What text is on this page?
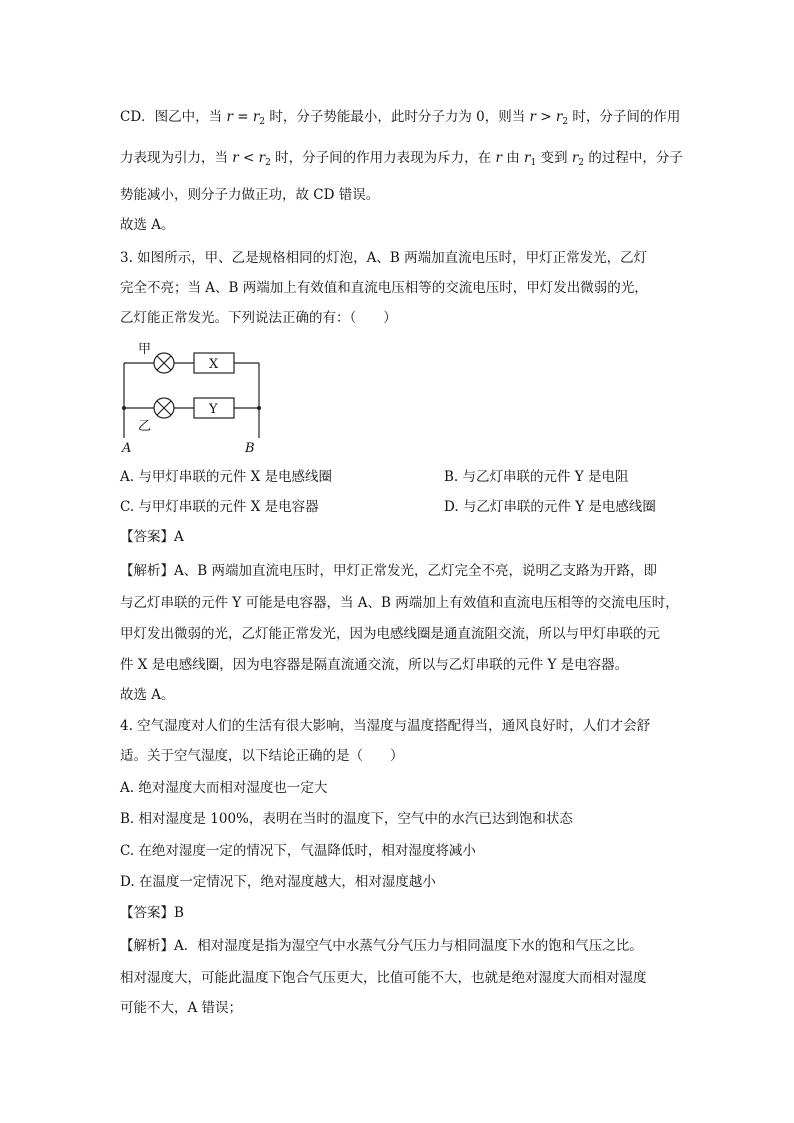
CD．图乙中，当 $r = r_2$ 时，分子势能最小，此时分子力为 0，则当 $r > r_2$ 时，分子间的作用
力表现为引力，当 $r < r_2$ 时，分子间的作用力表现为斥力，在 r 由 $r_1$ 变到 $r_2$ 的过程中，分子
势能减小，则分子力做正功，故 CD 错误。
故选 A。
3. 如图所示，甲、乙是规格相同的灯泡，A、B 两端加直流电压时，甲灯正常发光，乙灯
完全不亮；当 A、B 两端加上有效值和直流电压相等的交流电压时，甲灯发出微弱的光，
乙灯能正常发光。下列说法正确的有：（　　）
甲
乙
X
Y
A	B
A. 与甲灯串联的元件 X 是电感线圈	B. 与乙灯串联的元件 Y 是电阻
C. 与甲灯串联的元件 X 是电容器	D. 与乙灯串联的元件 Y 是电感线圈
【答案】A
【解析】A、B 两端加直流电压时，甲灯正常发光，乙灯完全不亮，说明乙支路为开路，即
与乙灯串联的元件 Y 可能是电容器，当 A、B 两端加上有效值和直流电压相等的交流电压时，
甲灯发出微弱的光，乙灯能正常发光，因为电感线圈是通直流阻交流，所以与甲灯串联的元
件 X 是电感线圈，因为电容器是隔直流通交流，所以与乙灯串联的元件 Y 是电容器。
故选 A。
4. 空气湿度对人们的生活有很大影响，当湿度与温度搭配得当，通风良好时，人们才会舒
适。关于空气湿度，以下结论正确的是（　　）
A. 绝对湿度大而相对湿度也一定大
B. 相对湿度是 100%，表明在当时的温度下，空气中的水汽已达到饱和状态
C. 在绝对湿度一定的情况下，气温降低时，相对湿度将减小
D. 在温度一定情况下，绝对湿度越大，相对湿度越小
【答案】B
【解析】A．相对湿度是指为湿空气中水蒸气分气压力与相同温度下水的饱和气压之比。
相对湿度大，可能此温度下饱合气压更大，比值可能不大，也就是绝对湿度大而相对湿度
可能不大，A 错误；
